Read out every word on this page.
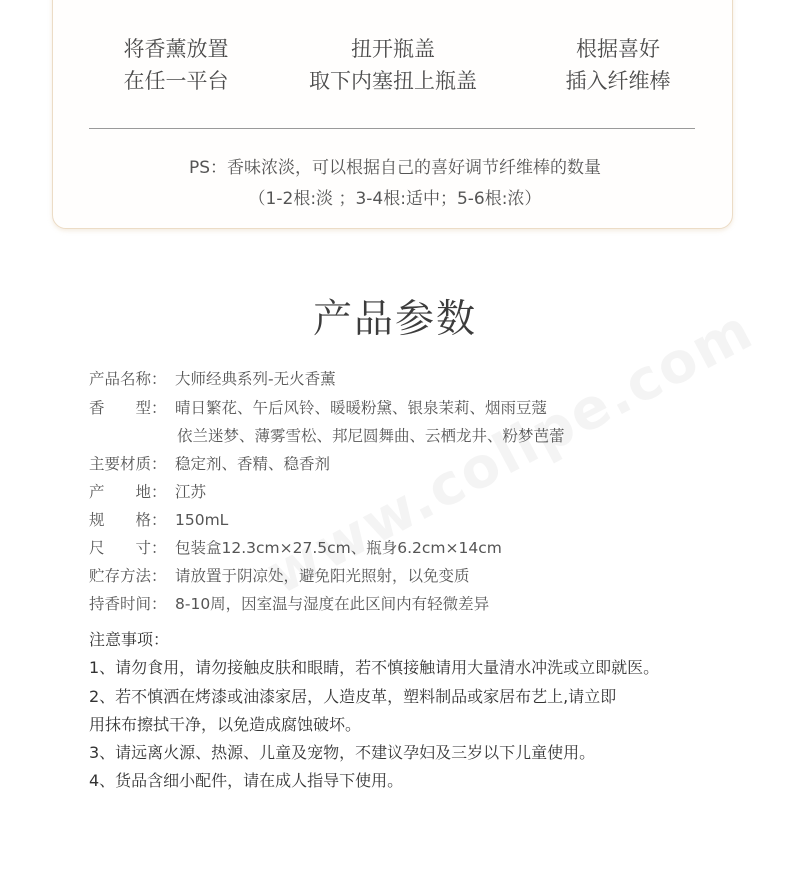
将香薰放置
在任一平台
扭开瓶盖
取下内塞扭上瓶盖
根据喜好
插入纤维棒
PS：香味浓淡，可以根据自己的喜好调节纤维棒的数量
（1-2根:淡 ；3-4根:适中；5-6根:浓）
产品参数
产品名称： 大师经典系列-无火香薰
香　　型： 晴日繁花、午后风铃、暖暖粉黛、银泉茉莉、烟雨豆蔻
依兰迷梦、薄雾雪松、邦尼圆舞曲、云栖龙井、粉梦芭蕾
主要材质： 稳定剂、香精、稳香剂
产　　地： 江苏
规　　格： 150mL
尺　　寸： 包装盒12.3cm×27.5cm、瓶身6.2cm×14cm
贮存方法： 请放置于阴凉处，避免阳光照射，以免变质
持香时间： 8-10周，因室温与湿度在此区间内有轻微差异
注意事项：
1、请勿食用，请勿接触皮肤和眼睛，若不慎接触请用大量清水冲洗或立即就医。
2、若不慎洒在烤漆或油漆家居，人造皮革，塑料制品或家居布艺上,请立即
用抹布擦拭干净，以免造成腐蚀破坏。
3、请远离火源、热源、儿童及宠物，不建议孕妇及三岁以下儿童使用。
4、货品含细小配件，请在成人指导下使用。
